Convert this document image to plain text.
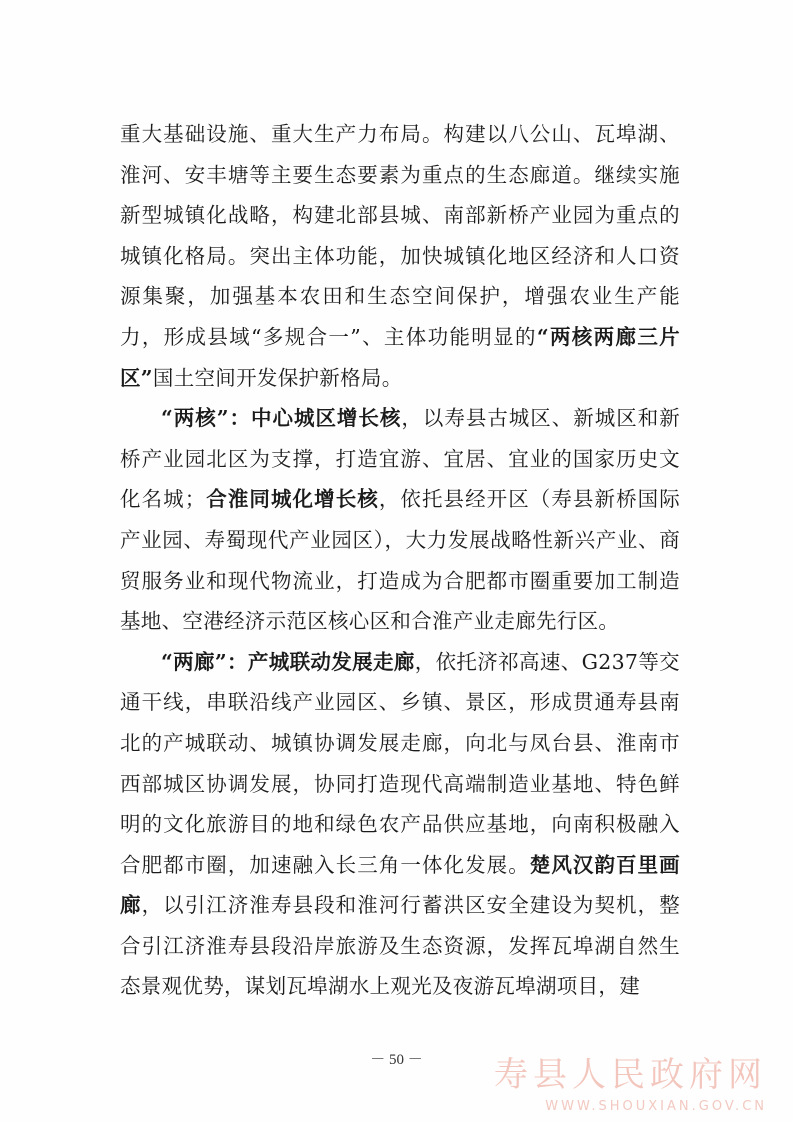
重大基础设施、重大生产力布局。构建以八公山、瓦埠湖、淮河、安丰塘等主要生态要素为重点的生态廊道。继续实施新型城镇化战略，构建北部县城、南部新桥产业园为重点的城镇化格局。突出主体功能，加快城镇化地区经济和人口资源集聚，加强基本农田和生态空间保护，增强农业生产能力，形成县域“多规合一”、主体功能明显的“两核两廊三片区”国土空间开发保护新格局。

“两核”：中心城区增长核，以寿县古城区、新城区和新桥产业园北区为支撑，打造宜游、宜居、宜业的国家历史文化名城；合淮同城化增长核，依托县经开区（寿县新桥国际产业园、寿蜀现代产业园区），大力发展战略性新兴产业、商贸服务业和现代物流业，打造成为合肥都市圈重要加工制造基地、空港经济示范区核心区和合淮产业走廊先行区。

“两廊”：产城联动发展走廊，依托济祁高速、G237等交通干线，串联沿线产业园区、乡镇、景区，形成贯通寿县南北的产城联动、城镇协调发展走廊，向北与凤台县、淮南市西部城区协调发展，协同打造现代高端制造业基地、特色鲜明的文化旅游目的地和绿色农产品供应基地，向南积极融入合肥都市圈，加速融入长三角一体化发展。楚风汉韵百里画廊，以引江济淮寿县段和淮河行蓄洪区安全建设为契机，整合引江济淮寿县段沿岸旅游及生态资源，发挥瓦埠湖自然生态景观优势，谋划瓦埠湖水上观光及夜游瓦埠湖项目，建

－ 50 －	寿县人民政府网
WWW.SHOUXIAN.GOV.CN
